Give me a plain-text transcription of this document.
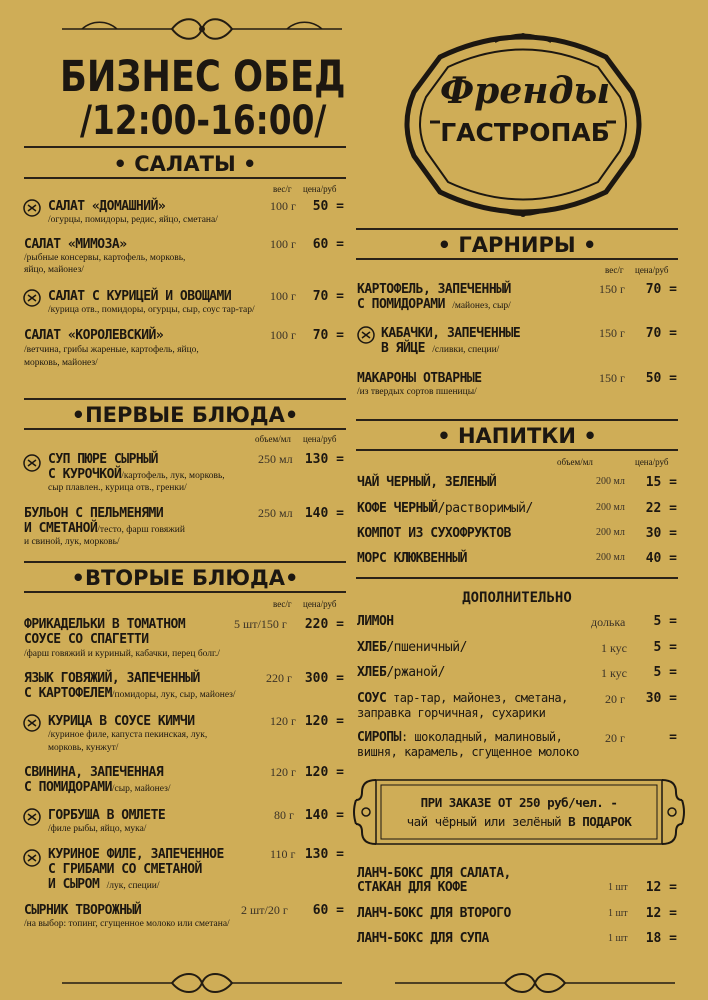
БИЗНЕС ОБЕД
/12:00-16:00/
Френды
ГАСТРОПАБ
• САЛАТЫ •
вес/г цена/руб
САЛАТ «ДОМАШНИЙ»
/огурцы, помидоры, редис, яйцо, сметана/
100 г 50 =
САЛАТ «МИМОЗА»
/рыбные консервы, картофель, морковь,
яйцо, майонез/
100 г 60 =
САЛАТ С КУРИЦЕЙ И ОВОЩАМИ
/курица отв., помидоры, огурцы, сыр, соус тар-тар/
100 г 70 =
САЛАТ «КОРОЛЕВСКИЙ»
/ветчина, грибы жареные, картофель, яйцо,
морковь, майонез/
100 г 70 =
•ПЕРВЫЕ БЛЮДА•
объем/мл цена/руб
СУП ПЮРЕ СЫРНЫЙ
С КУРОЧКОЙ/картофель, лук, морковь,
сыр плавлен., курица отв., гренки/
250 мл 130 =
БУЛЬОН С ПЕЛЬМЕНЯМИ
И СМЕТАНОЙ/тесто, фарш говяжий
и свиной, лук, морковь/
250 мл 140 =
•ВТОРЫЕ БЛЮДА•
вес/г цена/руб
ФРИКАДЕЛЬКИ В ТОМАТНОМ
СОУСЕ СО СПАГЕТТИ
/фарш говяжий и куриный, кабачки, перец болг./
5 шт/150 г 220 =
ЯЗЫК ГОВЯЖИЙ, ЗАПЕЧЕННЫЙ
С КАРТОФЕЛЕМ/помидоры, лук, сыр, майонез/
220 г 300 =
КУРИЦА В СОУСЕ КИМЧИ
/куриное филе, капуста пекинская, лук,
морковь, кунжут/
120 г 120 =
СВИНИНА, ЗАПЕЧЕННАЯ
С ПОМИДОРАМИ/сыр, майонез/
120 г 120 =
ГОРБУША В ОМЛЕТЕ
/филе рыбы, яйцо, мука/
80 г 140 =
КУРИНОЕ ФИЛЕ, ЗАПЕЧЕННОЕ
С ГРИБАМИ СО СМЕТАНОЙ
И СЫРОМ /лук, специи/
110 г 130 =
СЫРНИК ТВОРОЖНЫЙ
/на выбор: топинг, сгущенное молоко или сметана/
2 шт/20 г 60 =
• ГАРНИРЫ •
вес/г цена/руб
КАРТОФЕЛЬ, ЗАПЕЧЕННЫЙ
С ПОМИДОРАМИ /майонез, сыр/
150 г 70 =
КАБАЧКИ, ЗАПЕЧЕННЫЕ
В ЯЙЦЕ /сливки, специи/
150 г 70 =
МАКАРОНЫ ОТВАРНЫЕ
/из твердых сортов пшеницы/
150 г 50 =
• НАПИТКИ •
объем/мл	цена/руб
ЧАЙ ЧЕРНЫЙ, ЗЕЛЕНЫЙ	200 мл 15 =
КОФЕ ЧЕРНЫЙ/растворимый/	200 мл 22 =
КОМПОТ ИЗ СУХОФРУКТОВ	200 мл 30 =
МОРС КЛЮКВЕННЫЙ	200 мл 40 =
ДОПОЛНИТЕЛЬНО
ЛИМОН	долька 5 =
ХЛЕБ/пшеничный/	1 кус 5 =
ХЛЕБ/ржаной/	1 кус 5 =
СОУС тар-тар, майонез, сметана,
заправка горчичная, сухарики
20 г 30 =
СИРОПЫ: шоколадный, малиновый,
вишня, карамель, сгущенное молоко
20 г	=
ПРИ ЗАКАЗЕ ОТ 250 руб/чел. -
чай чёрный или зелёный В ПОДАРОК
ЛАНЧ-БОКС ДЛЯ САЛАТА,
СТАКАН ДЛЯ КОФЕ	1 шт 12 =
ЛАНЧ-БОКС ДЛЯ ВТОРОГО	1 шт 12 =
ЛАНЧ-БОКС ДЛЯ СУПА	1 шт 18 =
